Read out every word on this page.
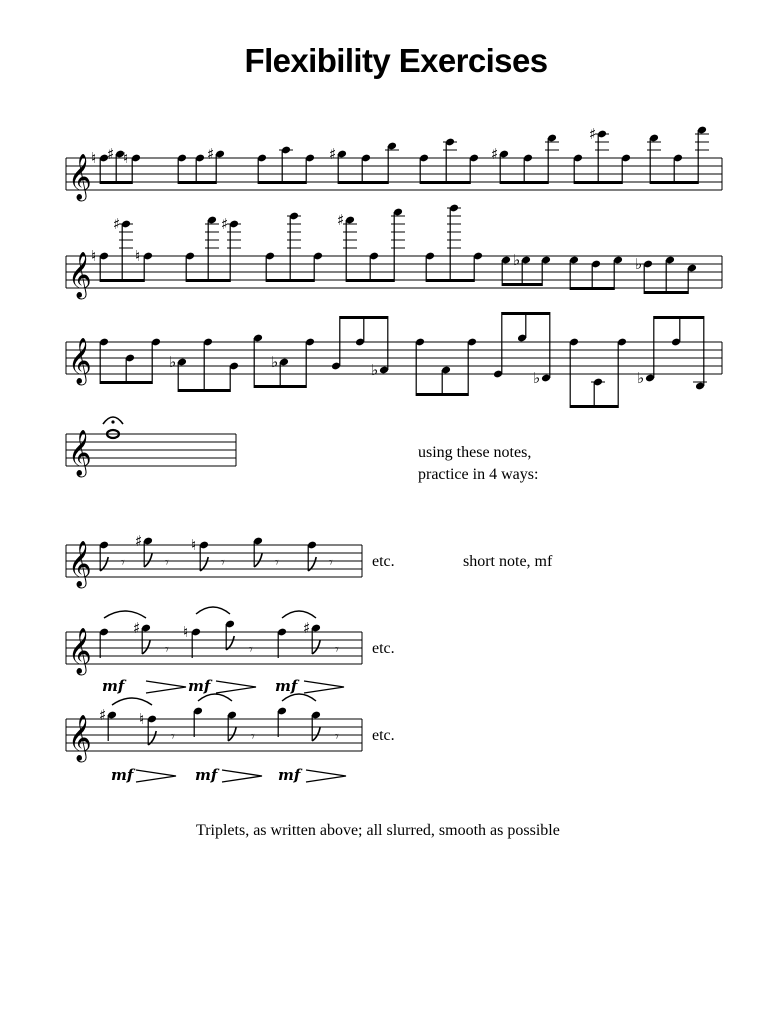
Flexibility Exercises
𝄞 ♮ ♯ ♮	♯	♯	♯
♯
𝄞 ♮
♯
♮
♯	♯
♭	♭
𝄞	♭	♭	♭	♭	♭
𝄞
𝄞 𝄾
♯
𝄾
♮
𝄾	𝄾	𝄾
𝄞	♯
𝄾
♮
𝄾
♯
𝄾
𝄞 ♯ ♮
𝄾	𝄾	𝄾
using these notes,
practice in 4 ways:
etc.	short note, mf
etc.
etc.
mf	mf	mf
mf	mf	mf
Triplets, as written above; all slurred, smooth as possible
